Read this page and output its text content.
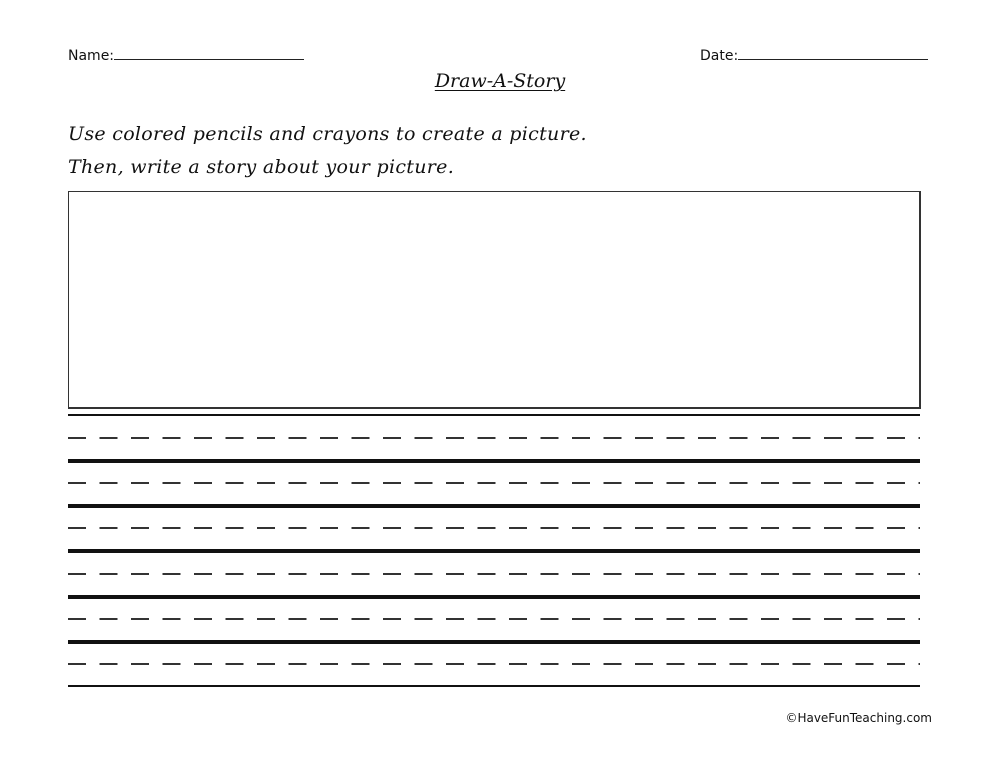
Name:	Date:
Draw-A-Story
Use colored pencils and crayons to create a picture.
Then, write a story about your picture.
©HaveFunTeaching.com
